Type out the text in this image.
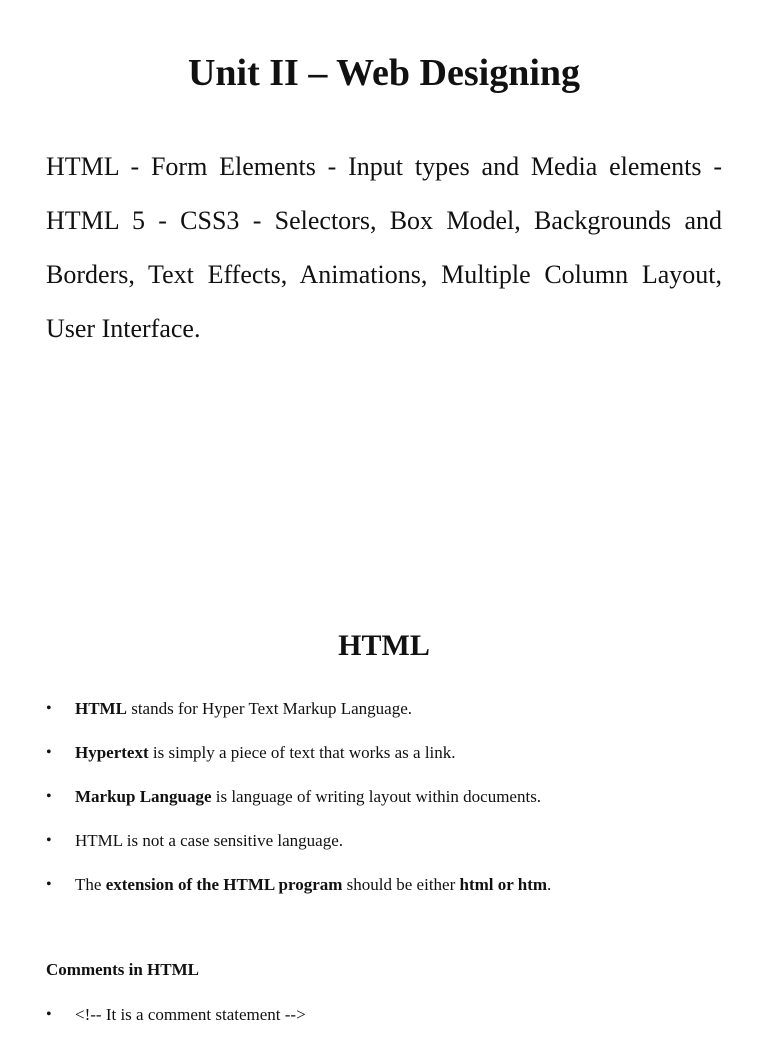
Unit II – Web Designing

HTML - Form Elements - Input types and Media elements - HTML 5 - CSS3 - Selectors, Box Model, Backgrounds and Borders, Text Effects, Animations, Multiple Column Layout, User Interface.

HTML
• HTML stands for Hyper Text Markup Language.
• Hypertext is simply a piece of text that works as a link.
• Markup Language is language of writing layout within documents.
• HTML is not a case sensitive language.
• The extension of the HTML program should be either html or htm.
Comments in HTML
• <!-- It is a comment statement -->
